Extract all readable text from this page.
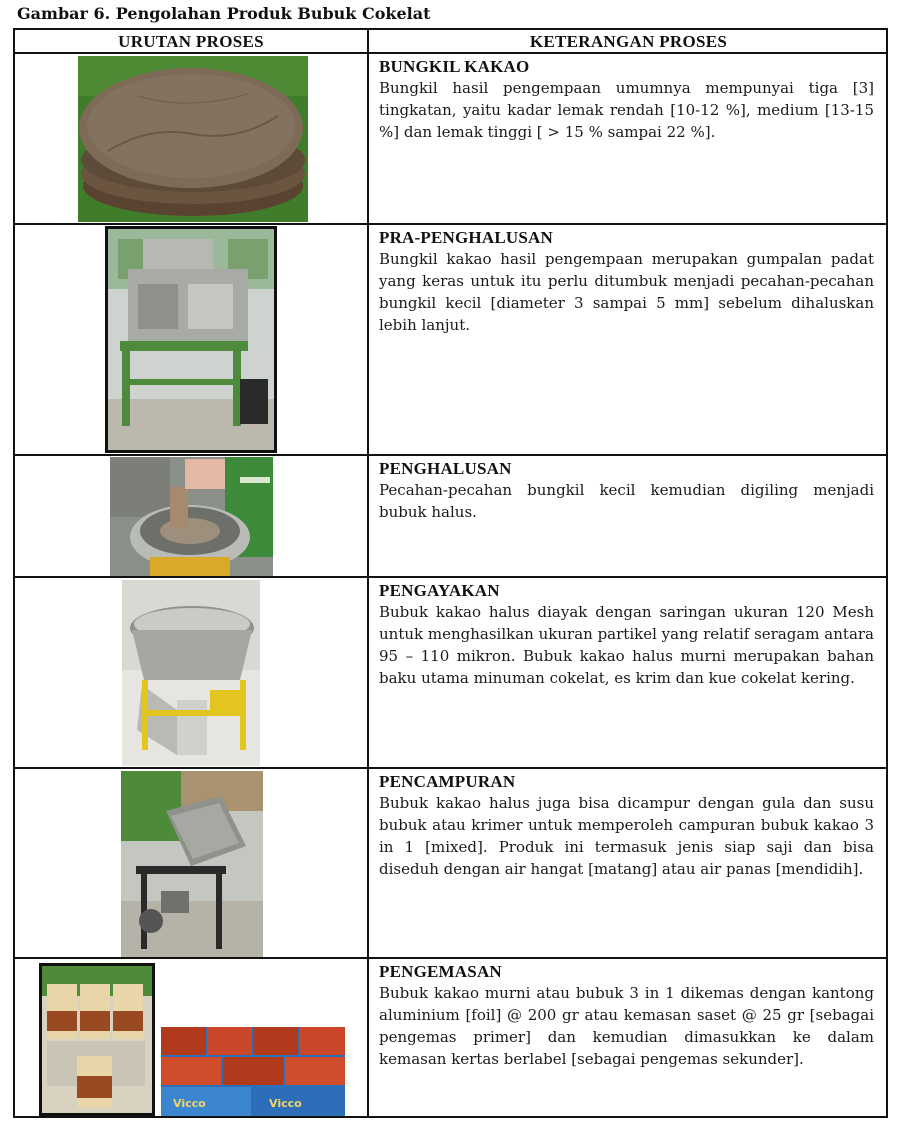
Gambar 6. Pengolahan Produk Bubuk Cokelat
URUTAN PROSES	KETERANGAN PROSES
BUNGKIL KAKAO
Bungkil hasil pengempaan umumnya mempunyai tiga [3] tingkatan, yaitu kadar lemak rendah [10-12 %], medium [13-15 %] dan lemak tinggi [ > 15 % sampai 22 %].
PRA-PENGHALUSAN
Bungkil kakao hasil pengempaan merupakan gumpalan padat yang keras untuk itu perlu ditumbuk menjadi pecahan-pecahan bungkil kecil [diameter 3 sampai 5 mm] sebelum dihaluskan lebih lanjut.
PENGHALUSAN
Pecahan-pecahan bungkil kecil kemudian digiling menjadi bubuk halus.
PENGAYAKAN
Bubuk kakao halus diayak dengan saringan ukuran 120 Mesh untuk menghasilkan ukuran partikel yang relatif seragam antara 95 – 110 mikron. Bubuk kakao halus murni merupakan bahan baku utama minuman cokelat, es krim dan kue cokelat kering.
PENCAMPURAN
Bubuk kakao halus juga bisa dicampur dengan gula dan susu bubuk atau krimer untuk memperoleh campuran bubuk kakao 3 in 1 [mixed]. Produk ini termasuk jenis siap saji dan bisa diseduh dengan air hangat [matang] atau air panas [mendidih].
Vicco	Vicco
PENGEMASAN
Bubuk kakao murni atau bubuk 3 in 1 dikemas dengan kantong aluminium [foil] @ 200 gr atau kemasan saset @ 25 gr [sebagai pengemas primer] dan kemudian dimasukkan ke dalam kemasan kertas berlabel [sebagai pengemas sekunder].
